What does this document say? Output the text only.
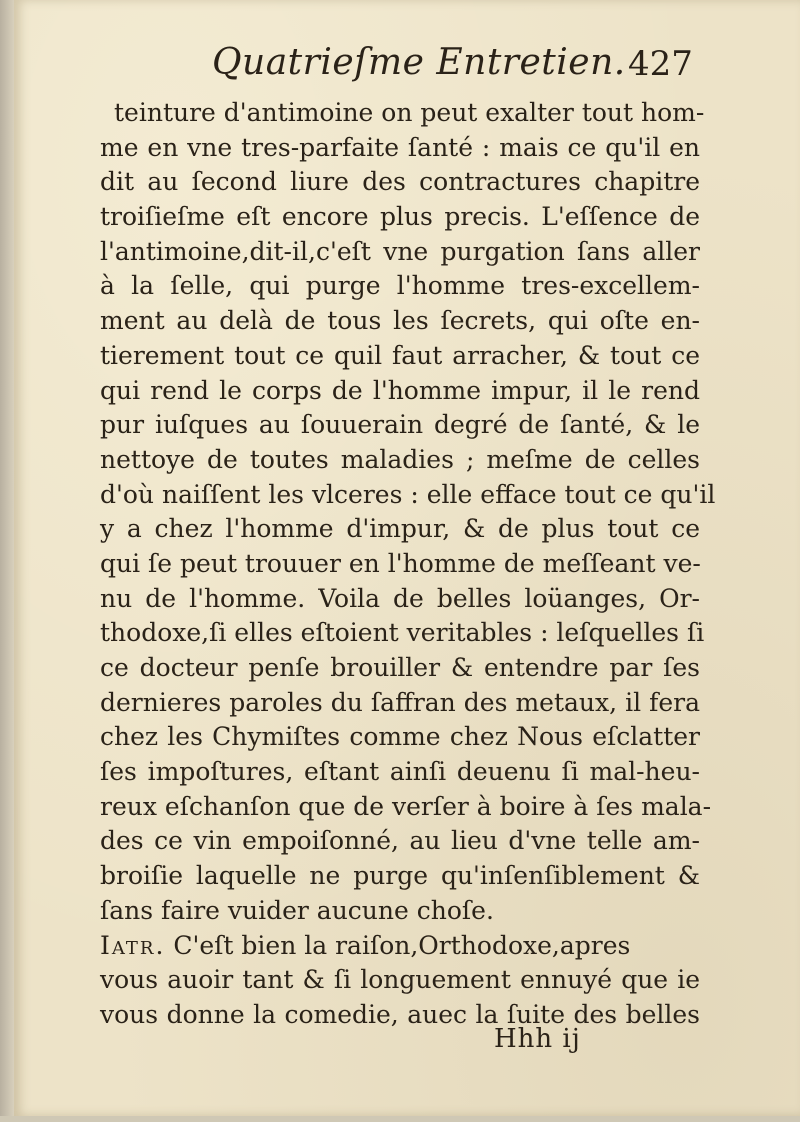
Quatrieſme Entretien. 427
teinture d'antimoine on peut exalter tout hom-
me en vne tres-parfaite ſanté : mais ce qu'il en
dit au ſecond liure des contractures chapitre
troiſieſme eſt encore plus precis. L'eſſence de
l'antimoine,dit-il,c'eſt vne purgation ſans aller
à la ſelle, qui purge l'homme tres-excellem-
ment au delà de tous les ſecrets, qui oſte en-
tierement tout ce quil faut arracher, & tout ce
qui rend le corps de l'homme impur, il le rend
pur iuſques au ſouuerain degré de ſanté, & le
nettoye de toutes maladies ; meſme de celles
d'où naiſſent les vlceres : elle efface tout ce qu'il
y a chez l'homme d'impur, & de plus tout ce
qui ſe peut trouuer en l'homme de meſſeant ve-
nu de l'homme. Voila de belles loüanges, Or-
thodoxe,ſi elles eſtoient veritables : leſquelles ſi
ce docteur penſe brouiller & entendre par ſes
dernieres paroles du ſaffran des metaux, il fera
chez les Chymiſtes comme chez Nous eſclatter
ſes impoſtures, eſtant ainſi deuenu ſi mal-heu-
reux eſchanſon que de verſer à boire à ſes mala-
des ce vin empoiſonné, au lieu d'vne telle am-
broiſie laquelle ne purge qu'inſenſiblement &
ſans faire vuider aucune choſe.
Iatr. C'eſt bien la raiſon,Orthodoxe,apres
vous auoir tant & ſi longuement ennuyé que ie
vous donne la comedie, auec la ſuite des belles
Hhh ij
